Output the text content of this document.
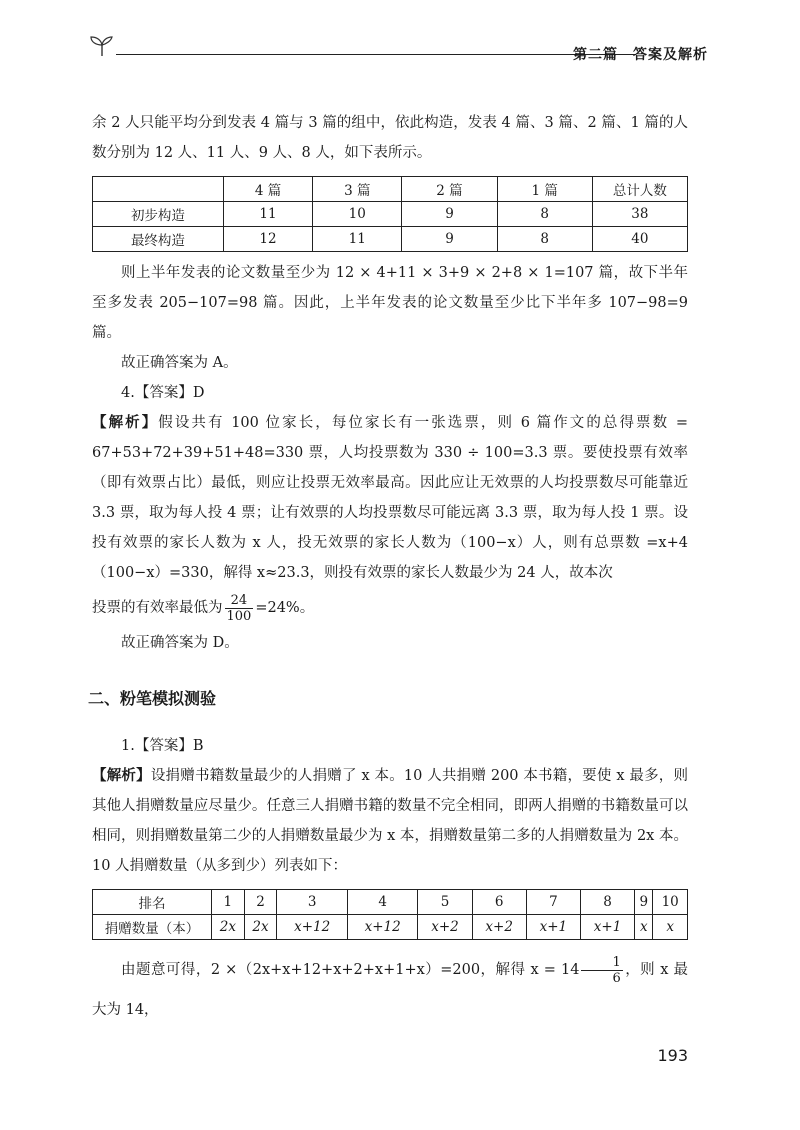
第二篇　答案及解析

余 2 人只能平均分到发表 4 篇与 3 篇的组中，依此构造，发表 4 篇、3 篇、2 篇、1 篇的人数分别为 12 人、11 人、9 人、8 人，如下表所示。

	4 篇	3 篇	2 篇	1 篇	总计人数
初步构造	11	10	9	8	38
最终构造	12	11	9	8	40

则上半年发表的论文数量至少为 12 × 4+11 × 3+9 × 2+8 × 1=107 篇，故下半年至多发表 205−107=98 篇。因此，上半年发表的论文数量至少比下半年多 107−98=9 篇。

故正确答案为 A。

4.【答案】D

【解析】假设共有 100 位家长，每位家长有一张选票，则 6 篇作文的总得票数 = 67+53+72+39+51+48=330 票，人均投票数为 330 ÷ 100=3.3 票。要使投票有效率（即有效票占比）最低，则应让投票无效率最高。因此应让无效票的人均投票数尽可能靠近 3.3 票，取为每人投 4 票；让有效票的人均投票数尽可能远离 3.3 票，取为每人投 1 票。设投有效票的家长人数为 x 人，投无效票的家长人数为（100−x）人，则有总票数 =x+4（100−x）=330，解得 x≈23.3，则投有效票的家长人数最少为 24 人，故本次

投票的有效率最低为 $\frac{24}{100} =24\%$。

故正确答案为 D。

二、粉笔模拟测验

1.【答案】B

【解析】设捐赠书籍数量最少的人捐赠了 x 本。10 人共捐赠 200 本书籍，要使 x 最多，则其他人捐赠数量应尽量少。任意三人捐赠书籍的数量不完全相同，即两人捐赠的书籍数量可以相同，则捐赠数量第二少的人捐赠数量最少为 x 本，捐赠数量第二多的人捐赠数量为 2x 本。10 人捐赠数量（从多到少）列表如下：

排名	1	2	3	4	5	6	7	8	9	10
捐赠数量（本）	2x	2x	x+12	x+12	x+2	x+2	x+1	x+1	x	x

由题意可得，2 ×（2x+x+12+x+2+x+1+x）=200，解得 $x = 14 \frac{1}{6}$ ，则 x 最大为 14，

193
